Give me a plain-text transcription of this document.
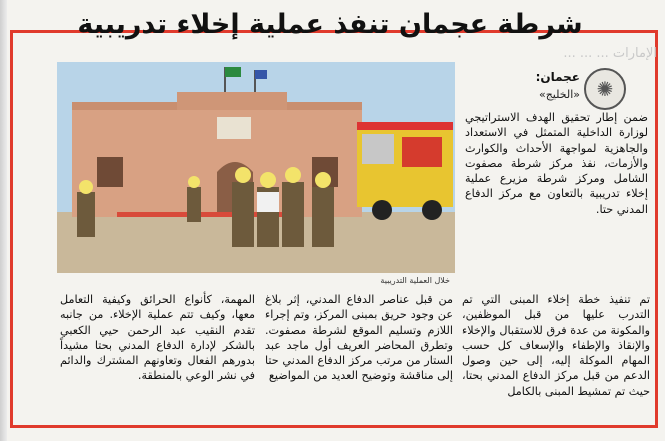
شرطة عجمان تنفذ عملية إخلاء تدريبية
الإمارات ... ... ...
خلال العملية التدريبية
✺
عجمان:
«الخليج»
ضمن إطار تحقيق الهدف الاستراتيجي لوزارة الداخلية المتمثل في الاستعداد والجاهزية لمواجهة الأحداث والكوارث والأزمات، نفذ مركز شرطة مصفوت الشامل ومركز شرطة مزيرع عملية إخلاء تدريبية بالتعاون مع مركز الدفاع المدني حتا.
تم تنفيذ خطة إخلاء المبنى التي تم التدرب عليها من قبل الموظفين، والمكونة من عدة فرق للاستقبال والإخلاء والإنقاذ والإطفاء والإسعاف كل حسب المهام الموكلة إليه، إلى حين وصول الدعم من قبل مركز الدفاع المدني بحتا، حيث تم تمشيط المبنى بالكامل
من قبل عناصر الدفاع المدني، إثر بلاغ عن وجود حريق بمبنى المركز، وتم إجراء اللازم وتسليم الموقع لشرطة مصفوت. وتطرق المحاضر العريف أول ماجد عبد الستار من مرتب مركز الدفاع المدني حتا إلى مناقشة وتوضيح العديد من المواضيع
المهمة، كأنواع الحرائق وكيفية التعامل معها، وكيف تتم عملية الإخلاء. من جانبه تقدم النقيب عبد الرحمن حيي الكعبي بالشكر لإدارة الدفاع المدني بحتا مشيداً بدورهم الفعال وتعاونهم المشترك والدائم في نشر الوعي بالمنطقة.
